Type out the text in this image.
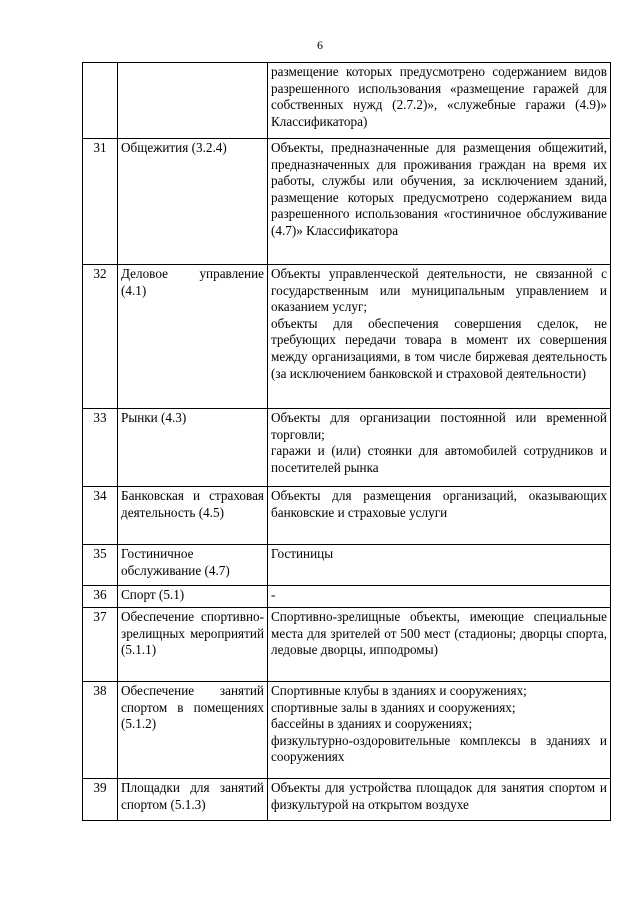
6

		размещение которых предусмотрено содержанием видов разрешенного использования «размещение гаражей для собственных нужд (2.7.2)», «служебные гаражи (4.9)» Классификатора)

31	Общежития (3.2.4)	Объекты, предназначенные для размещения общежитий, предназначенных для проживания граждан на время их работы, службы или обучения, за исключением зданий, размещение которых предусмотрено содержанием вида разрешенного использования «гостиничное обслуживание (4.7)» Классификатора

32	Деловое управление (4.1)	Объекты управленческой деятельности, не связанной с государственным или муниципальным управлением и оказанием услуг;
объекты для обеспечения совершения сделок, не требующих передачи товара в момент их совершения между организациями, в том числе биржевая деятельность (за исключением банковской и страховой деятельности)

33	Рынки (4.3)	Объекты для организации постоянной или временной торговли;
гаражи и (или) стоянки для автомобилей сотрудников и посетителей рынка

34	Банковская и страховая деятельность (4.5)	Объекты для размещения организаций, оказывающих банковские и страховые услуги

35	Гостиничное обслуживание (4.7)	Гостиницы

36	Спорт (5.1)	-

37	Обеспечение спортивно-зрелищных мероприятий (5.1.1)	Спортивно-зрелищные объекты, имеющие специальные места для зрителей от 500 мест (стадионы; дворцы спорта, ледовые дворцы, ипподромы)

38	Обеспечение занятий спортом в помещениях (5.1.2)	Спортивные клубы в зданиях и сооружениях;
спортивные залы в зданиях и сооружениях;
бассейны в зданиях и сооружениях;
физкультурно-оздоровительные комплексы в зданиях и сооружениях

39	Площадки для занятий спортом (5.1.3)	Объекты для устройства площадок для занятия спортом и физкультурой на открытом воздухе
